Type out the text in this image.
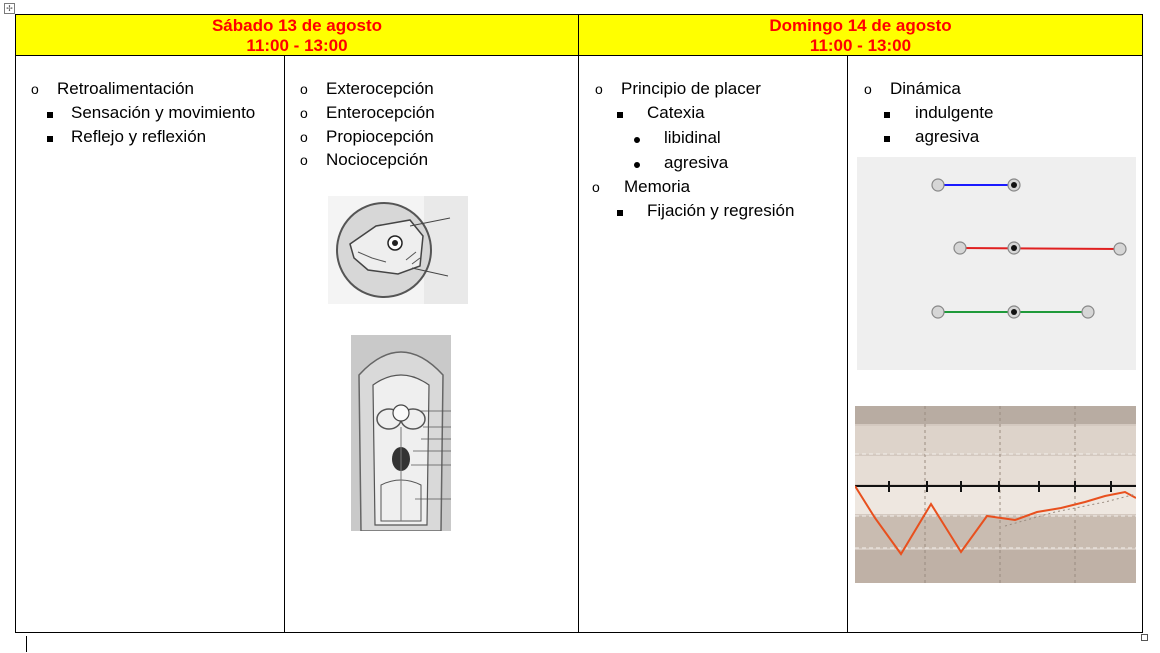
✢
Sábado 13 de agosto
11:00 - 13:00
Domingo 14 de agosto
11:00 - 13:00
o Retroalimentación
Sensación y movimiento
Reflejo y reflexión
o Exterocepción
o Enterocepción
o Propiocepción
o Nociocepción
o Principio de placer
Catexia
libidinal
agresiva
o Memoria
Fijación y regresión
o Dinámica
indulgente
agresiva
